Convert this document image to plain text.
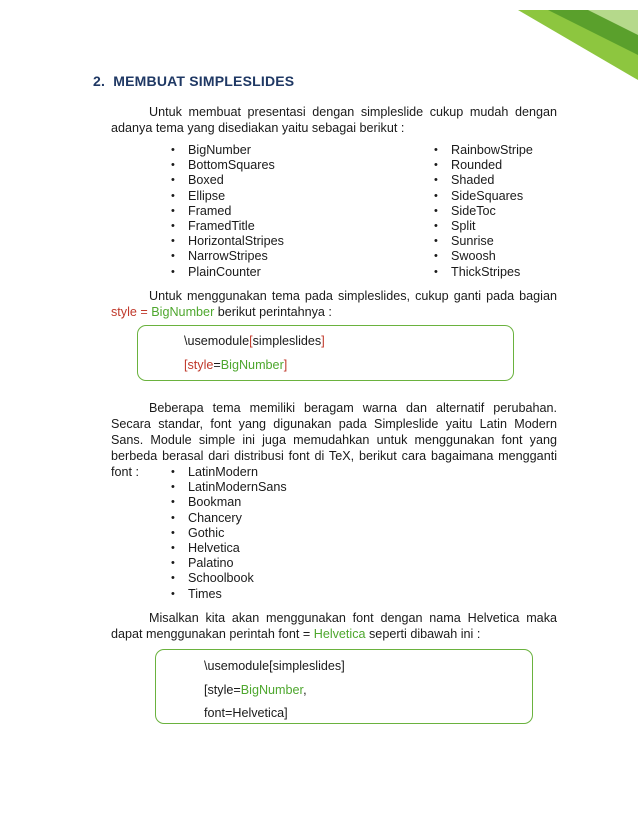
2. MEMBUAT SIMPLESLIDES

Untuk membuat presentasi dengan simpleslide cukup mudah dengan adanya tema yang disediakan yaitu sebagai berikut :

• BigNumber
• BottomSquares
• Boxed
• Ellipse
• Framed
• FramedTitle
• HorizontalStripes
• NarrowStripes
• PlainCounter
• RainbowStripe
• Rounded
• Shaded
• SideSquares
• SideToc
• Split
• Sunrise
• Swoosh
• ThickStripes

Untuk menggunakan tema pada simpleslides, cukup ganti pada bagian style = BigNumber berikut perintahnya :

\usemodule[simpleslides]
[style=BigNumber]

Beberapa tema memiliki beragam warna dan alternatif perubahan. Secara standar, font yang digunakan pada Simpleslide yaitu Latin Modern Sans. Module simple ini juga memudahkan untuk menggunakan font yang berbeda berasal dari distribusi font di TeX, berikut cara bagaimana mengganti font :

•	LatinModern
• LatinModernSans
• Bookman
• Chancery
• Gothic
• Helvetica
• Palatino
• Schoolbook
• Times

Misalkan kita akan menggunakan font dengan nama Helvetica maka dapat menggunakan perintah font = Helvetica seperti dibawah ini :

\usemodule[simpleslides]
[style=BigNumber,
font=Helvetica]
